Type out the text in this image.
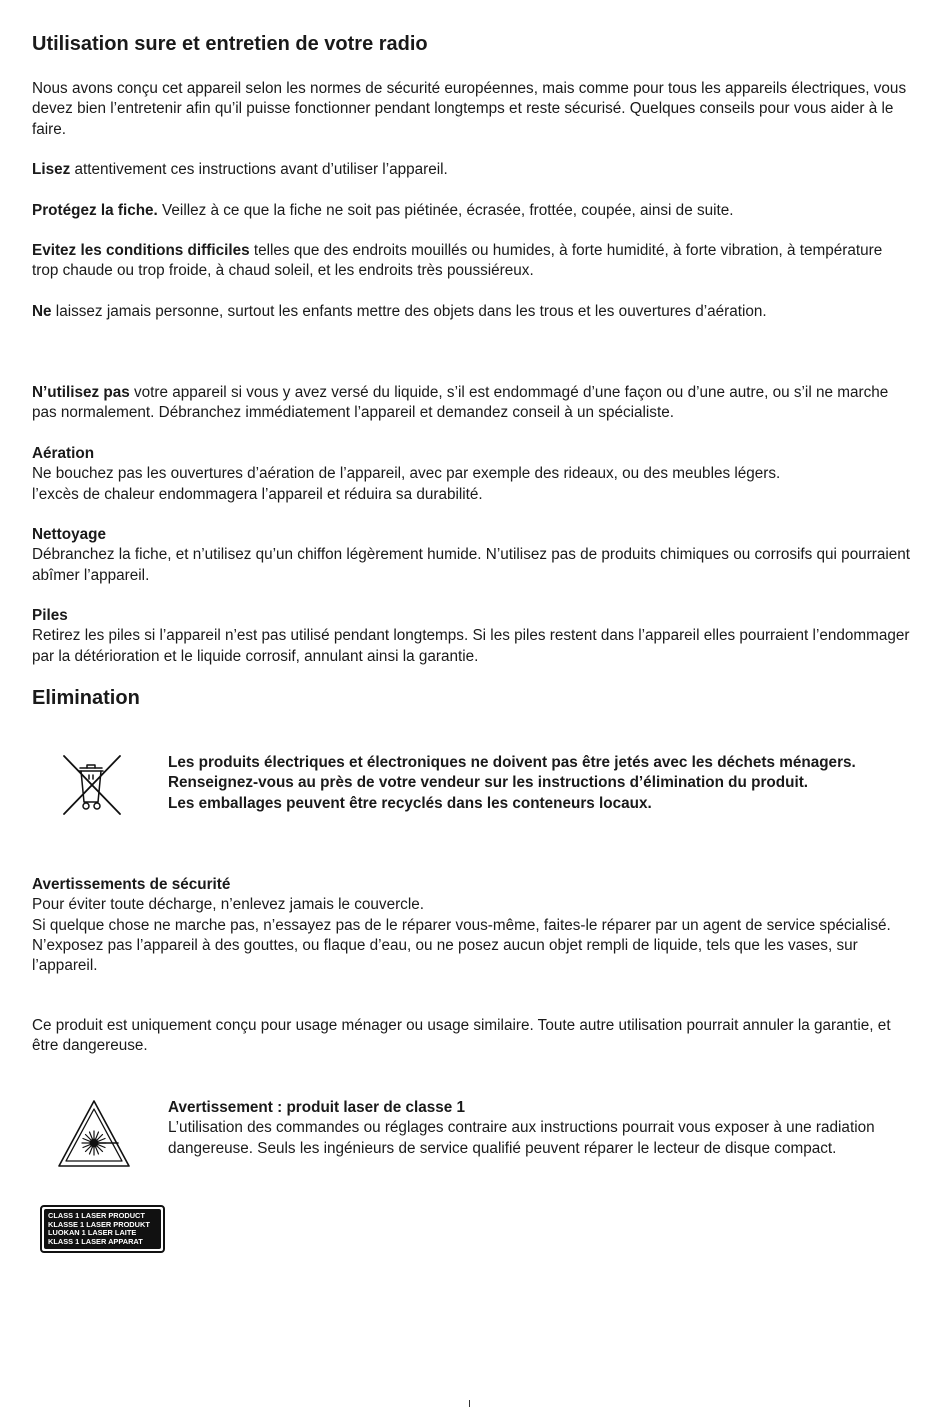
Utilisation sure et entretien de votre radio

Nous avons conçu cet appareil selon les normes de sécurité européennes, mais comme pour tous les appareils électriques, vous devez bien l’entretenir afin qu’il puisse fonctionner pendant longtemps et reste sécurisé. Quelques conseils pour vous aider à le faire.

Lisez attentivement ces instructions avant d’utiliser l’appareil.

Protégez la fiche. Veillez à ce que la fiche ne soit pas piétinée, écrasée, frottée, coupée, ainsi de suite.

Evitez les conditions difficiles telles que des endroits mouillés ou humides, à forte humidité, à forte vibration, à température trop chaude ou trop froide, à chaud soleil, et les endroits très poussiéreux.

Ne laissez jamais personne, surtout les enfants mettre des objets dans les trous et les ouvertures d’aération.

N’utilisez pas votre appareil si vous y avez versé du liquide, s’il est endommagé d’une façon ou d’une autre, ou s’il ne marche pas normalement. Débranchez immédiatement l’appareil et demandez conseil à un spécialiste.

Aération
Ne bouchez pas les ouvertures d’aération de l’appareil, avec par exemple des rideaux, ou des meubles légers.
l’excès de chaleur endommagera l’appareil et réduira sa durabilité.

Nettoyage
Débranchez la fiche, et n’utilisez qu’un chiffon légèrement humide. N’utilisez pas de produits chimiques ou corrosifs qui pourraient abîmer l’appareil.

Piles
Retirez les piles si l’appareil n’est pas utilisé pendant longtemps. Si les piles restent dans l’appareil elles pourraient l’endommager par la détérioration et le liquide corrosif, annulant ainsi la garantie.

Elimination
Les produits électriques et électroniques ne doivent pas être jetés avec les déchets ménagers. Renseignez-vous au près de votre vendeur sur les instructions d’élimination du produit.
Les emballages peuvent être recyclés dans les conteneurs locaux.

Avertissements de sécurité
Pour éviter toute décharge, n’enlevez jamais le couvercle.
Si quelque chose ne marche pas, n’essayez pas de le réparer vous-même, faites-le réparer par un agent de service spécialisé.
N’exposez pas l’appareil à des gouttes, ou flaque d’eau, ou ne posez aucun objet rempli de liquide, tels que les vases, sur l’appareil.

Ce produit est uniquement conçu pour usage ménager ou usage similaire. Toute autre utilisation pourrait annuler la garantie, et être dangereuse.

Avertissement : produit laser de classe 1
L’utilisation des commandes ou réglages contraire aux instructions pourrait vous exposer à une radiation dangereuse. Seuls les ingénieurs de service qualifié peuvent réparer le lecteur de disque compact.
CLASS 1 LASER PRODUCT
KLASSE 1 LASER PRODUKT
LUOKAN 1 LASER LAITE
KLASS 1 LASER APPARAT
